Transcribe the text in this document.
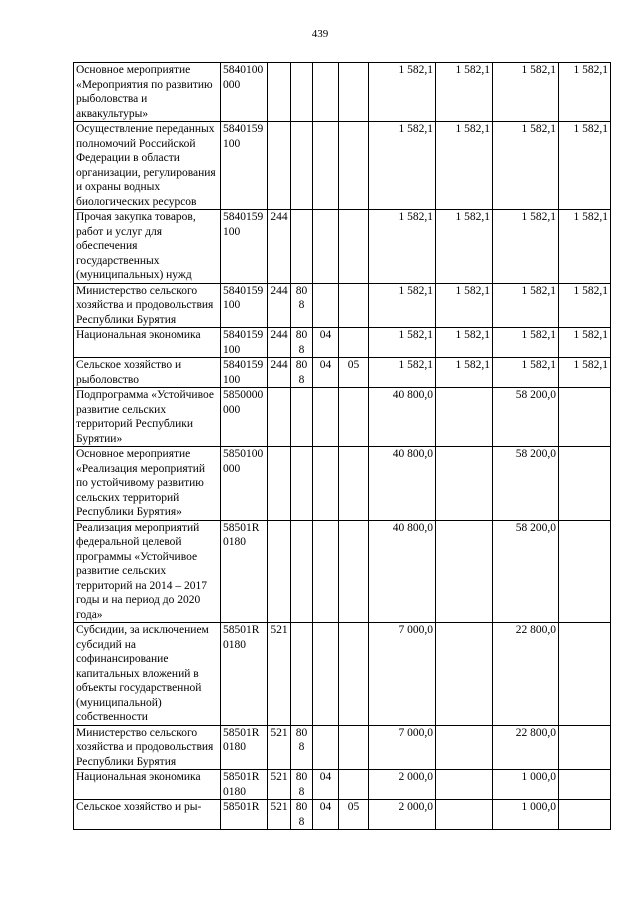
439
Основное мероприятие «Мероприятия по развитию рыболовства и аквакультуры»	5840100000					1 582,1	1 582,1	1 582,1	1 582,1
Осуществление переданных полномочий Российской Федерации в области организации, регулирования и охраны водных биологических ресурсов	5840159100					1 582,1	1 582,1	1 582,1	1 582,1
Прочая закупка товаров, работ и услуг для обеспечения государственных (муниципальных) нужд	5840159100	244				1 582,1	1 582,1	1 582,1	1 582,1
Министерство сельского хозяйства и продовольствия Республики Бурятия	5840159100	244	808			1 582,1	1 582,1	1 582,1	1 582,1
Национальная экономика	5840159100	244	808	04		1 582,1	1 582,1	1 582,1	1 582,1
Сельское хозяйство и рыболовство	5840159100	244	808	04	05	1 582,1	1 582,1	1 582,1	1 582,1
Подпрограмма «Устойчивое развитие сельских территорий Республики Бурятии»	5850000000					40 800,0		58 200,0	
Основное мероприятие «Реализация мероприятий по устойчивому развитию сельских территорий Республики Бурятия»	5850100000					40 800,0		58 200,0	
Реализация мероприятий федеральной целевой программы «Устойчивое развитие сельских территорий на 2014 – 2017 годы и на период до 2020 года»	58501R0180					40 800,0		58 200,0	
Субсидии, за исключением субсидий на софинансирование капитальных вложений в объекты государственной (муниципальной) собственности	58501R0180	521				7 000,0		22 800,0	
Министерство сельского хозяйства и продовольствия Республики Бурятия	58501R0180	521	808			7 000,0		22 800,0	
Национальная экономика	58501R0180	521	808	04		2 000,0		1 000,0	
Сельское хозяйство и ры-	58501R	521	808	04	05	2 000,0		1 000,0	
